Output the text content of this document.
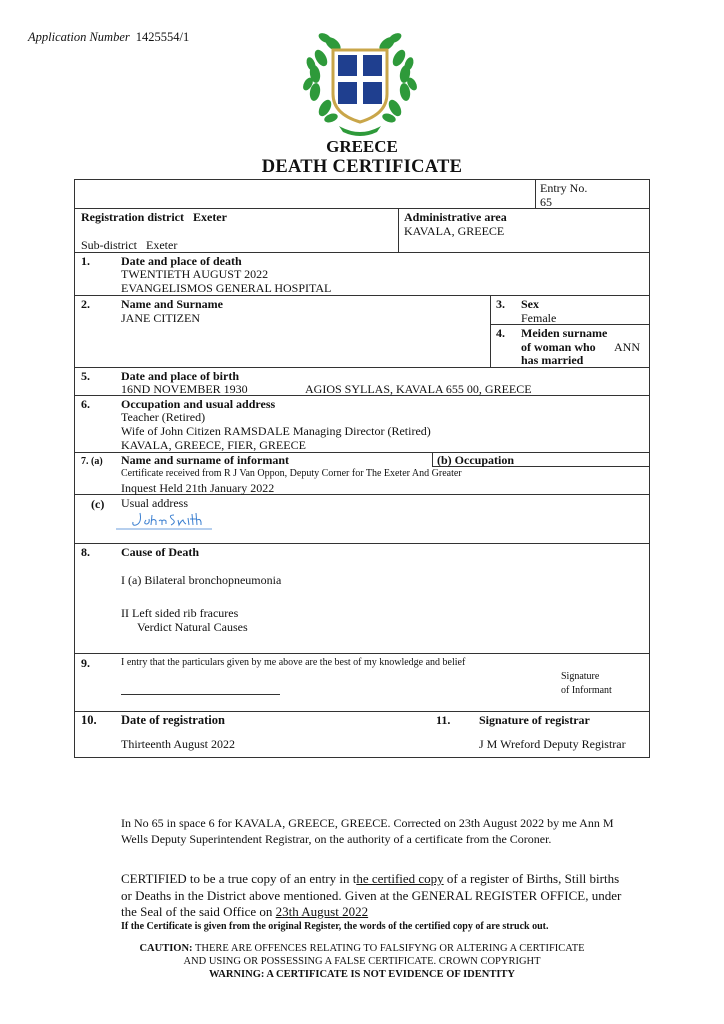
Application Number 1425554/1
GREECE
DEATH CERTIFICATE
Entry No.
65
Registration district Exeter
Sub-district Exeter
Administrative area
KAVALA, GREECE
1.	Date and place of death
TWENTIETH AUGUST 2022
EVANGELISMOS GENERAL HOSPITAL
2.	Name and Surname
JANE CITIZEN
3. Sex
Female
4. Meiden surname
of woman who
has married
ANN
5.	Date and place of birth
16ND NOVEMBER 1930	AGIOS SYLLAS, KAVALA 655 00, GREECE
6.	Occupation and usual address
Teacher (Retired)
Wife of John Citizen RAMSDALE Managing Director (Retired)
KAVALA, GREECE, FIER, GREECE
7. (a) Name and surname of informant	(b) Occupation
Certificate received from R J Van Oppon, Deputy Corner for The Exeter And Greater
Inquest Held 21th January 2022
(c) Usual address
8.	Cause of Death
I (a) Bilateral bronchopneumonia
II Left sided rib fracures
Verdict Natural Causes
9.	I entry that the particulars given by me above are the best of my knowledge and belief
Signature
of Informant
10. Date of registration
Thirteenth August 2022
11. Signature of registrar
J M Wreford Deputy Registrar
In No 65 in space 6 for KAVALA, GREECE, GREECE. Corrected on 23th August 2022 by me Ann M
Wells Deputy Superintendent Registrar, on the authority of a certificate from the Coroner.
CERTIFIED to be a true copy of an entry in the certified copy of a register of Births, Still births
or Deaths in the District above mentioned. Given at the GENERAL REGISTER OFFICE, under
the Seal of the said Office on 23th August 2022
If the Certificate is given from the original Register, the words of the certified copy of are struck out.
CAUTION: THERE ARE OFFENCES RELATING TO FALSIFYNG OR ALTERING A CERTIFICATE
AND USING OR POSSESSING A FALSE CERTIFICATE. CROWN COPYRIGHT
WARNING: A CERTIFICATE IS NOT EVIDENCE OF IDENTITY
